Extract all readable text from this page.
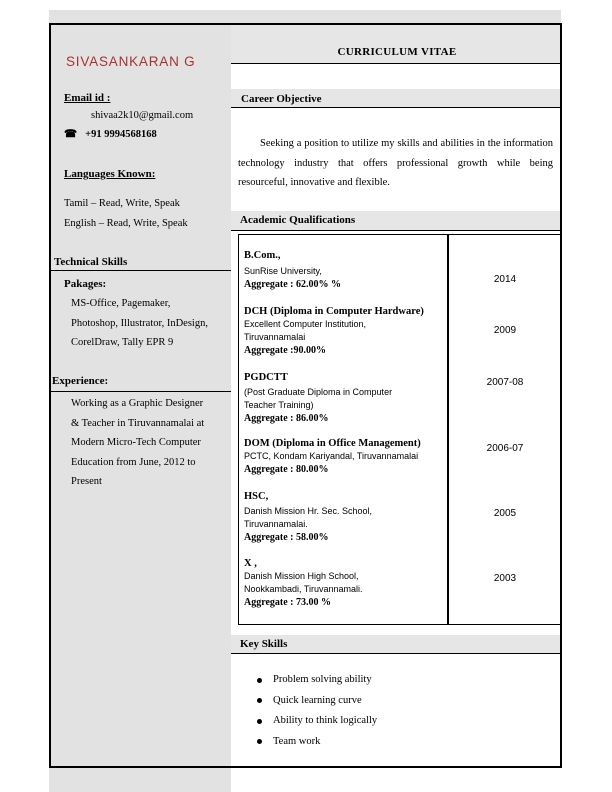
SIVASANKARAN G
Email id :
shivaa2k10@gmail.com
☎ +91 9994568168
Languages Known:
Tamil – Read, Write, Speak
English – Read, Write, Speak
Technical Skills
Pakages:
MS-Office, Pagemaker,
Photoshop, Illustrator, InDesign,
CorelDraw, Tally EPR 9
Experience:
Working as a Graphic Designer
& Teacher in Tiruvannamalai at
Modern Micro-Tech Computer
Education from June, 2012 to
Present
CURRICULUM VITAE
Career Objective
Seeking a position to utilize my skills and abilities in the information technology industry that offers professional growth while being resourceful, innovative and flexible.
Academic Qualifications
B.Com.,
SunRise University,
Aggregate : 62.00% %	2014
DCH (Diploma in Computer Hardware)
Excellent Computer Institution,
Tiruvannamalai
Aggregate :90.00%
2009
PGDCTT
(Post Graduate Diploma in Computer
Teacher Training)
Aggregate : 86.00%
2007-08
DOM (Diploma in Office Management)
PCTC, Kondam Kariyandal, Tiruvannamalai
Aggregate : 80.00%
2006-07
HSC,
Danish Mission Hr. Sec. School,
Tiruvannamalai.
Aggregate : 58.00%
2005
X ,
Danish Mission High School,
Nookkambadi, Tiruvannamali.
Aggregate : 73.00 %
2003
Key Skills
Problem solving ability
Quick learning curve
Ability to think logically
Team work
